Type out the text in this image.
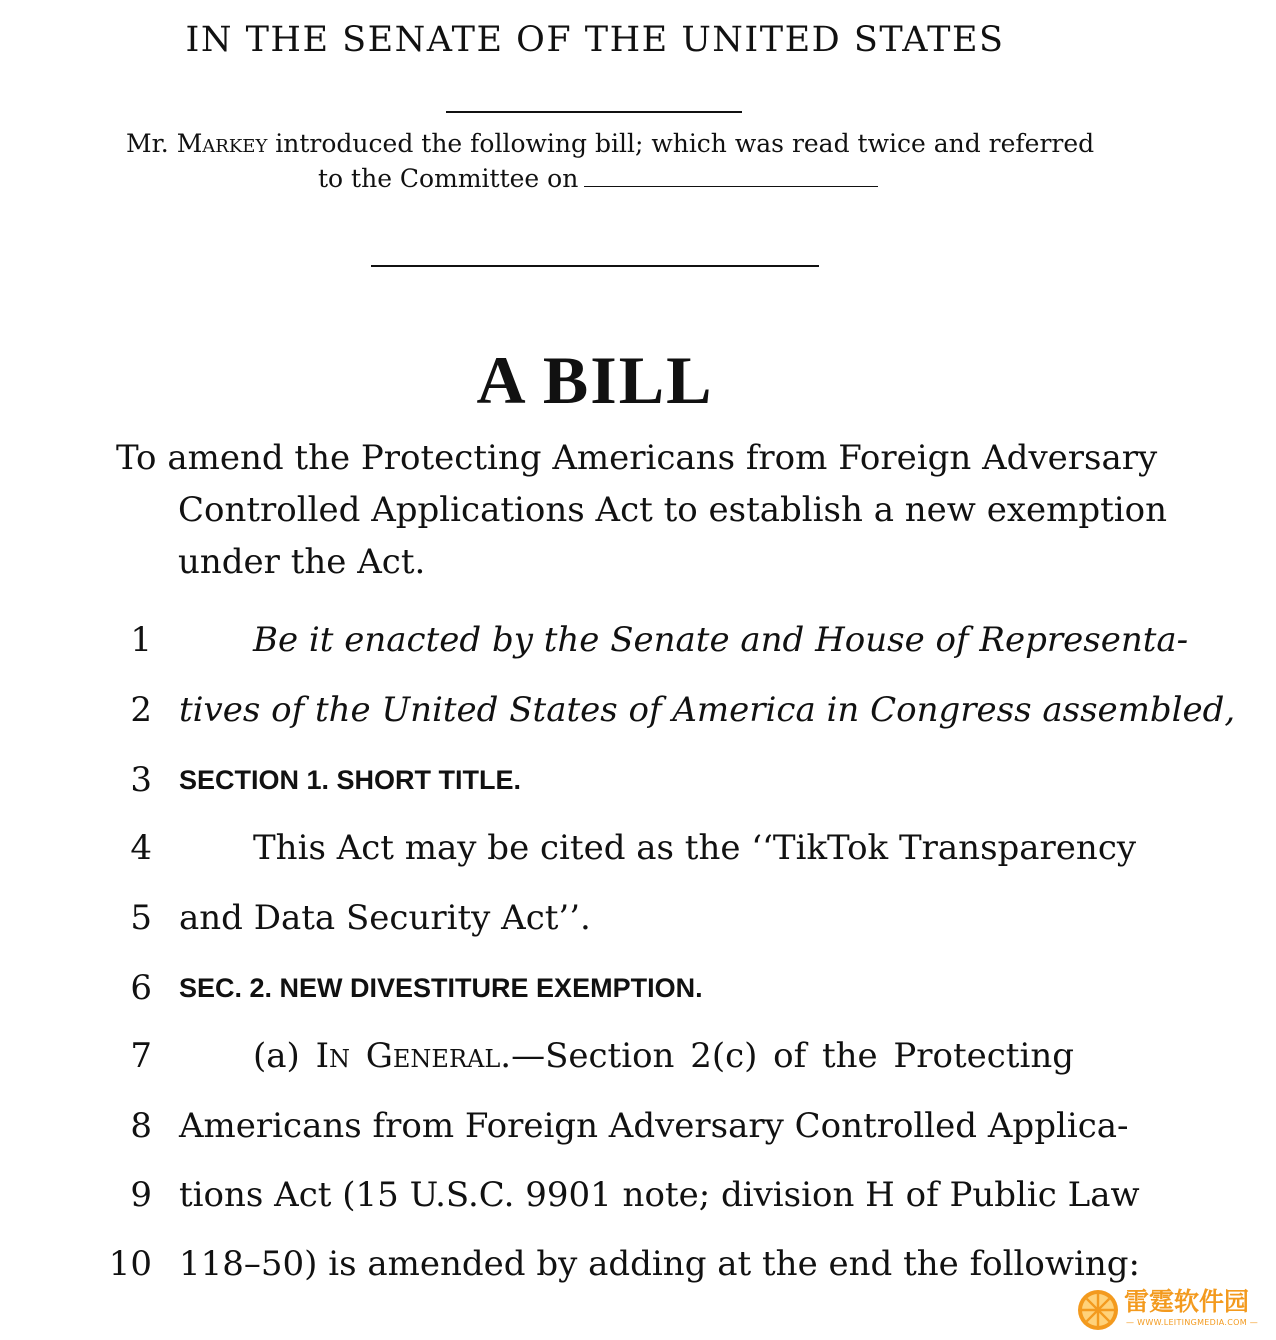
IN THE SENATE OF THE UNITED STATES
Mr. Markey introduced the following bill; which was read twice and referred
to the Committee on
A BILL
To amend the Protecting Americans from Foreign Adversary
Controlled Applications Act to establish a new exemption
under the Act.
1	Be it enacted by the Senate and House of Representa-
2 tives of the United States of America in Congress assembled,
3 SECTION 1. SHORT TITLE.
4	This Act may be cited as the ‘‘TikTok Transparency
5 and Data Security Act’’.
6 SEC. 2. NEW DIVESTITURE EXEMPTION.
7	(a) In General.—Section 2(c) of the Protecting
8 Americans from Foreign Adversary Controlled Applica-
9 tions Act (15 U.S.C. 9901 note; division H of Public Law
10 118–50) is amended by adding at the end the following:
雷霆软件园
— WWW.LEITINGMEDIA.COM —
